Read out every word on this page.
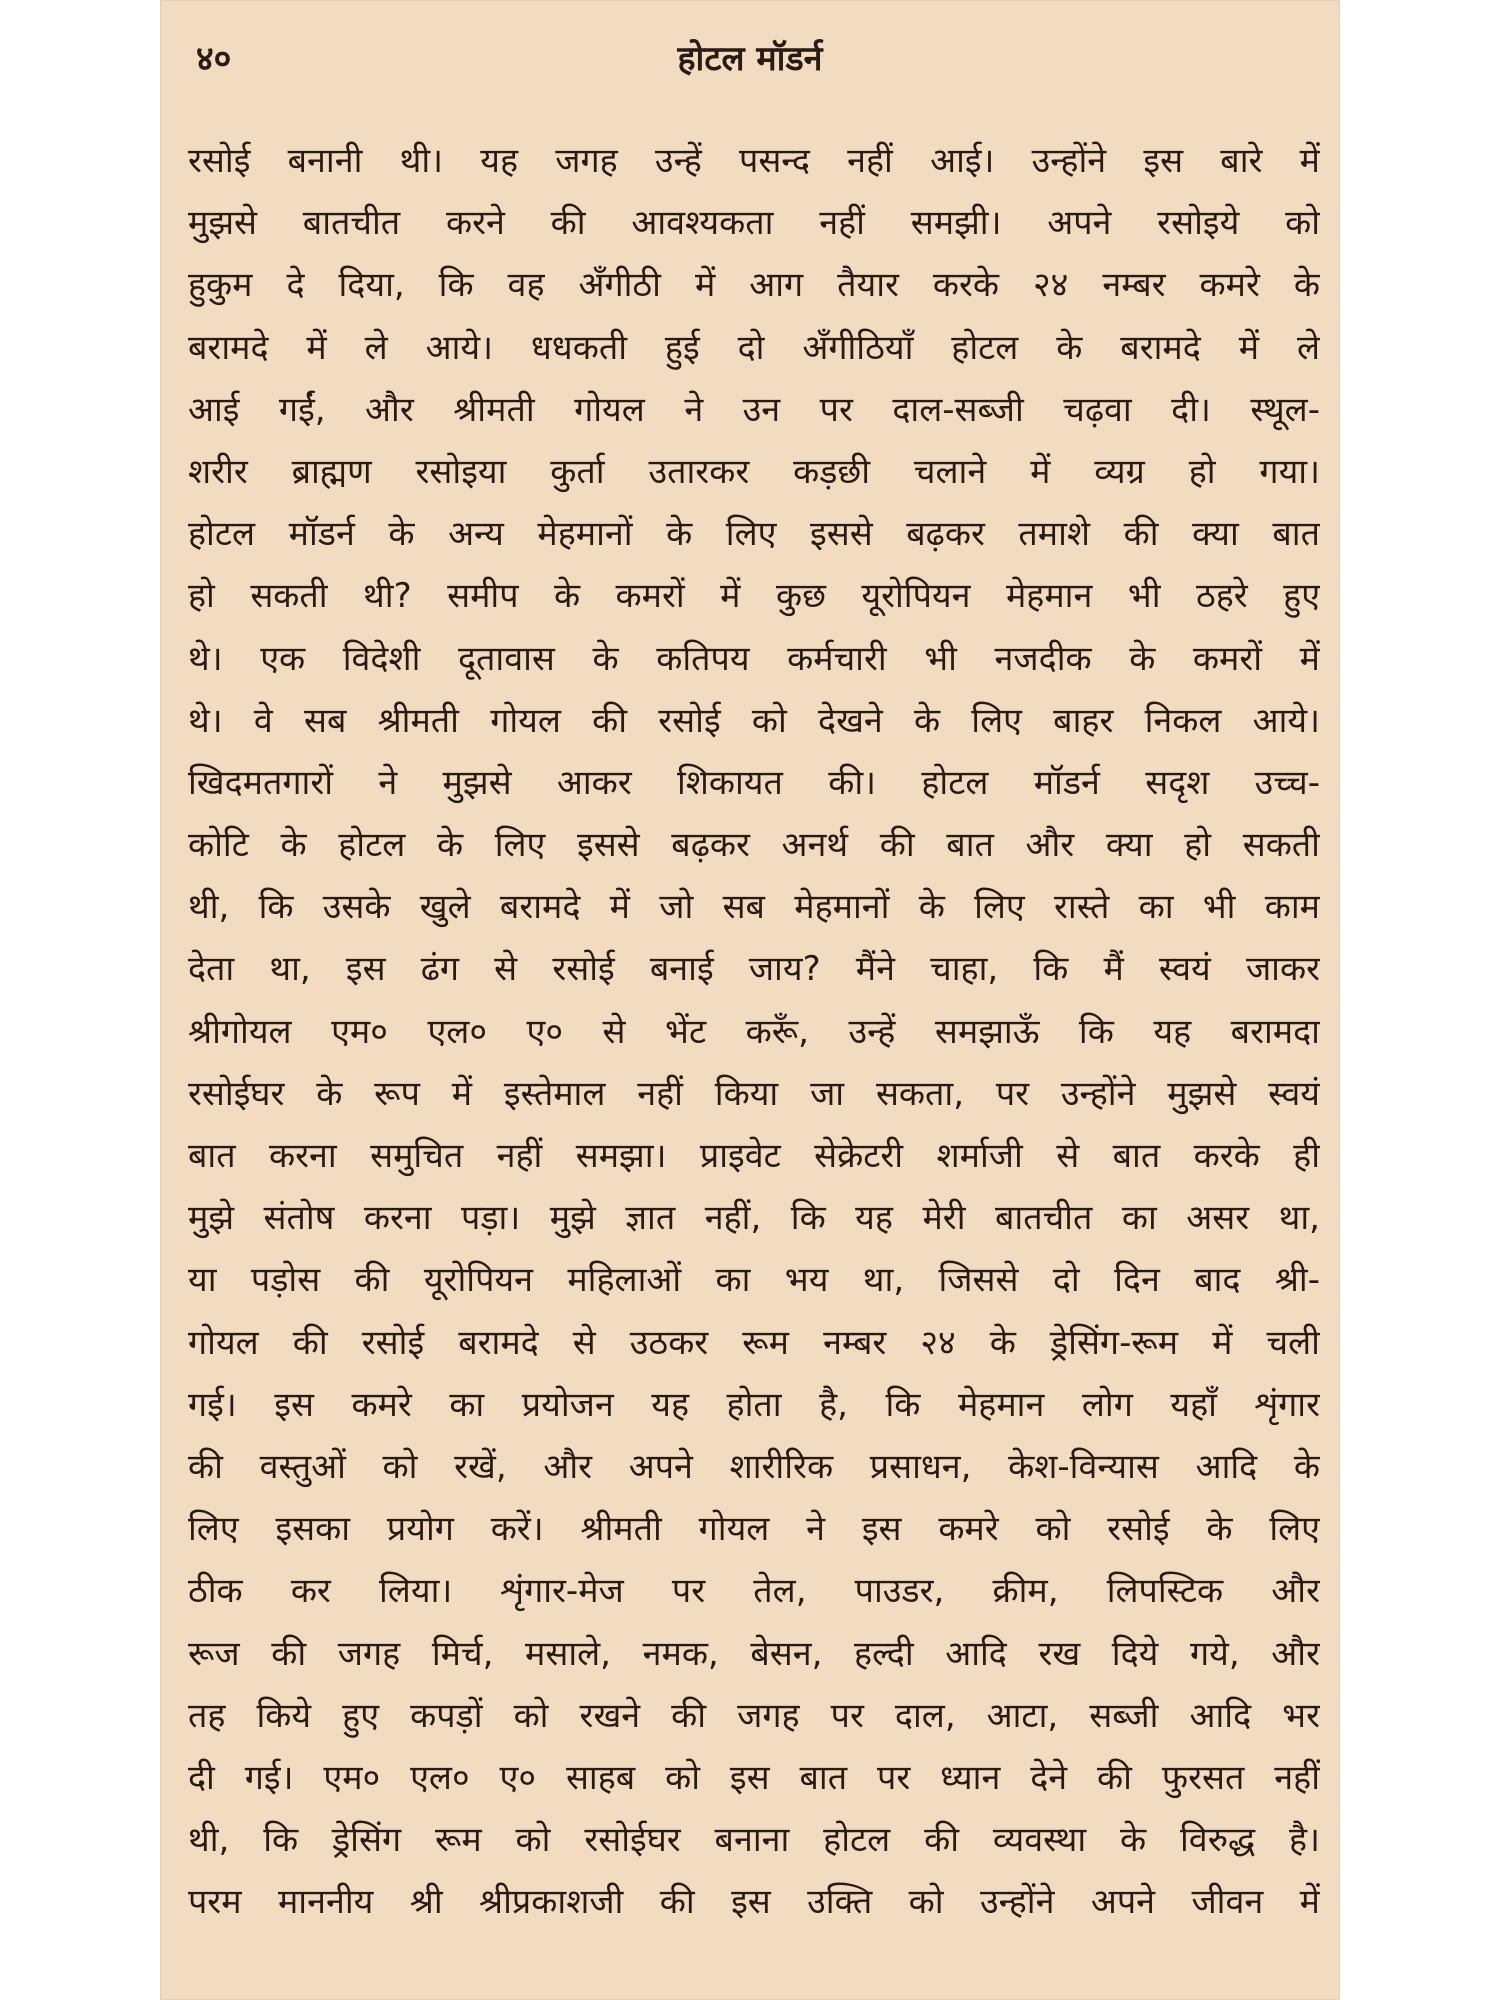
४०	होटल मॉडर्न
रसोई बनानी थी। यह जगह उन्हें पसन्द नहीं आई। उन्होंने इस बारे में
मुझसे बातचीत करने की आवश्यकता नहीं समझी। अपने रसोइये को
हुकुम दे दिया, कि वह अँगीठी में आग तैयार करके २४ नम्बर कमरे के
बरामदे में ले आये। धधकती हुई दो अँगीठियाँ होटल के बरामदे में ले
आई गईं, और श्रीमती गोयल ने उन पर दाल-सब्जी चढ़वा दी। स्थूल-
शरीर ब्राह्मण रसोइया कुर्ता उतारकर कड़छी चलाने में व्यग्र हो गया।
होटल मॉडर्न के अन्य मेहमानों के लिए इससे बढ़कर तमाशे की क्या बात
हो सकती थी? समीप के कमरों में कुछ यूरोपियन मेहमान भी ठहरे हुए
थे। एक विदेशी दूतावास के कतिपय कर्मचारी भी नजदीक के कमरों में
थे। वे सब श्रीमती गोयल की रसोई को देखने के लिए बाहर निकल आये।
खिदमतगारों ने मुझसे आकर शिकायत की। होटल मॉडर्न सदृश उच्च-
कोटि के होटल के लिए इससे बढ़कर अनर्थ की बात और क्या हो सकती
थी, कि उसके खुले बरामदे में जो सब मेहमानों के लिए रास्ते का भी काम
देता था, इस ढंग से रसोई बनाई जाय? मैंने चाहा, कि मैं स्वयं जाकर
श्रीगोयल एम० एल० ए० से भेंट करूँ, उन्हें समझाऊँ कि यह बरामदा
रसोईघर के रूप में इस्तेमाल नहीं किया जा सकता, पर उन्होंने मुझसे स्वयं
बात करना समुचित नहीं समझा। प्राइवेट सेक्रेटरी शर्माजी से बात करके ही
मुझे संतोष करना पड़ा। मुझे ज्ञात नहीं, कि यह मेरी बातचीत का असर था,
या पड़ोस की यूरोपियन महिलाओं का भय था, जिससे दो दिन बाद श्री-
गोयल की रसोई बरामदे से उठकर रूम नम्बर २४ के ड्रेसिंग-रूम में चली
गई। इस कमरे का प्रयोजन यह होता है, कि मेहमान लोग यहाँ शृंगार
की वस्तुओं को रखें, और अपने शारीरिक प्रसाधन, केश-विन्यास आदि के
लिए इसका प्रयोग करें। श्रीमती गोयल ने इस कमरे को रसोई के लिए
ठीक कर लिया। शृंगार-मेज पर तेल, पाउडर, क्रीम, लिपस्टिक और
रूज की जगह मिर्च, मसाले, नमक, बेसन, हल्दी आदि रख दिये गये, और
तह किये हुए कपड़ों को रखने की जगह पर दाल, आटा, सब्जी आदि भर
दी गई। एम० एल० ए० साहब को इस बात पर ध्यान देने की फुरसत नहीं
थी, कि ड्रेसिंग रूम को रसोईघर बनाना होटल की व्यवस्था के विरुद्ध है।
परम माननीय श्री श्रीप्रकाशजी की इस उक्ति को उन्होंने अपने जीवन में
